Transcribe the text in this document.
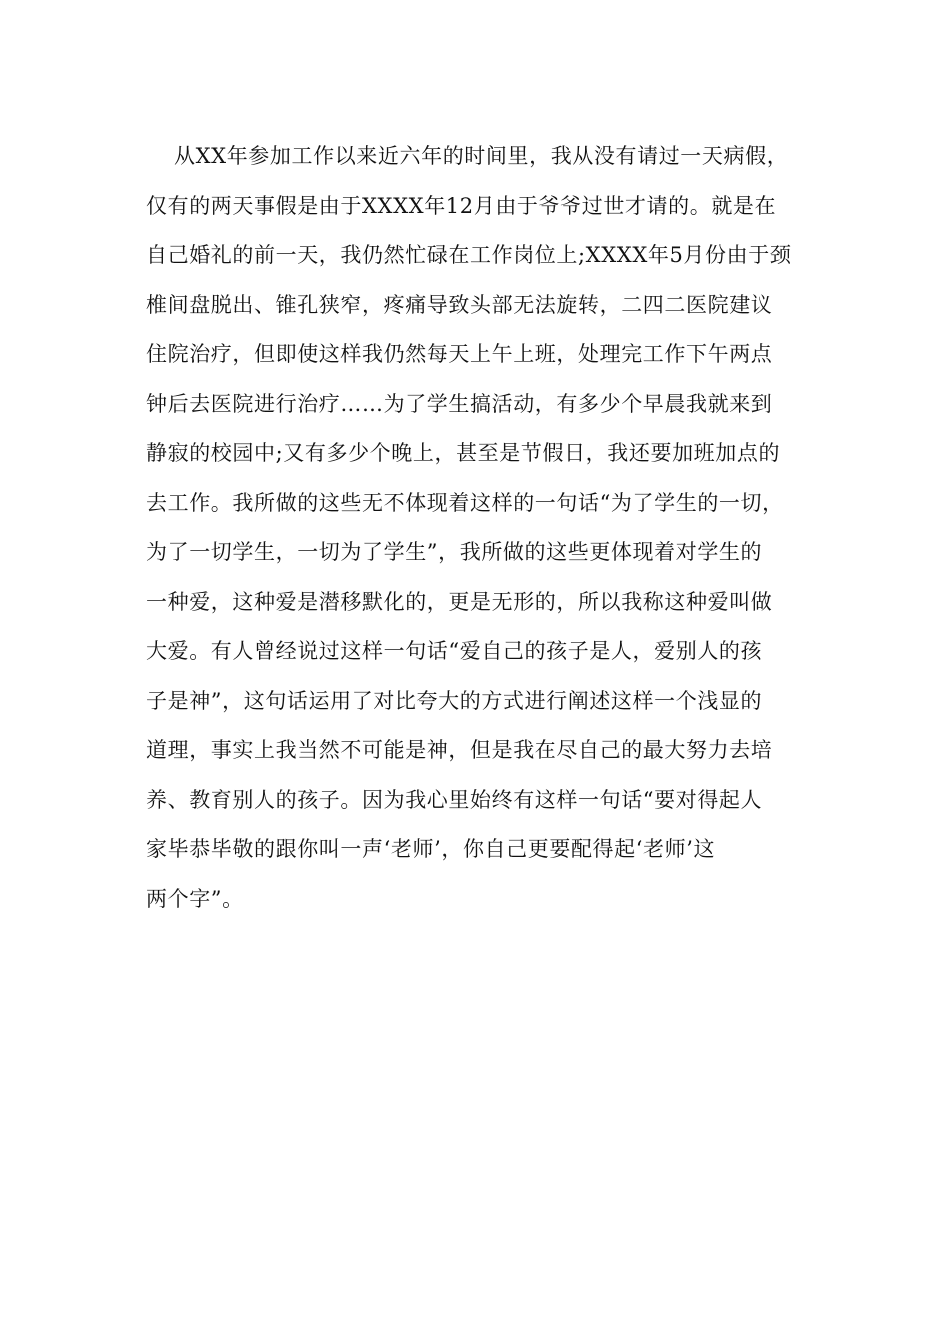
从XX年参加工作以来近六年的时间里，我从没有请过一天病假，
仅有的两天事假是由于XXXX年12月由于爷爷过世才请的。就是在
自己婚礼的前一天，我仍然忙碌在工作岗位上;XXXX年5月份由于颈
椎间盘脱出、锥孔狭窄，疼痛导致头部无法旋转，二四二医院建议
住院治疗，但即使这样我仍然每天上午上班，处理完工作下午两点
钟后去医院进行治疗……为了学生搞活动，有多少个早晨我就来到
静寂的校园中;又有多少个晚上，甚至是节假日，我还要加班加点的
去工作。我所做的这些无不体现着这样的一句话“为了学生的一切，
为了一切学生，一切为了学生”，我所做的这些更体现着对学生的
一种爱，这种爱是潜移默化的，更是无形的，所以我称这种爱叫做
大爱。有人曾经说过这样一句话“爱自己的孩子是人，爱别人的孩
子是神”，这句话运用了对比夸大的方式进行阐述这样一个浅显的
道理，事实上我当然不可能是神，但是我在尽自己的最大努力去培
养、教育别人的孩子。因为我心里始终有这样一句话“要对得起人
家毕恭毕敬的跟你叫一声‘老师’，你自己更要配得起‘老师’这
两个字”。
